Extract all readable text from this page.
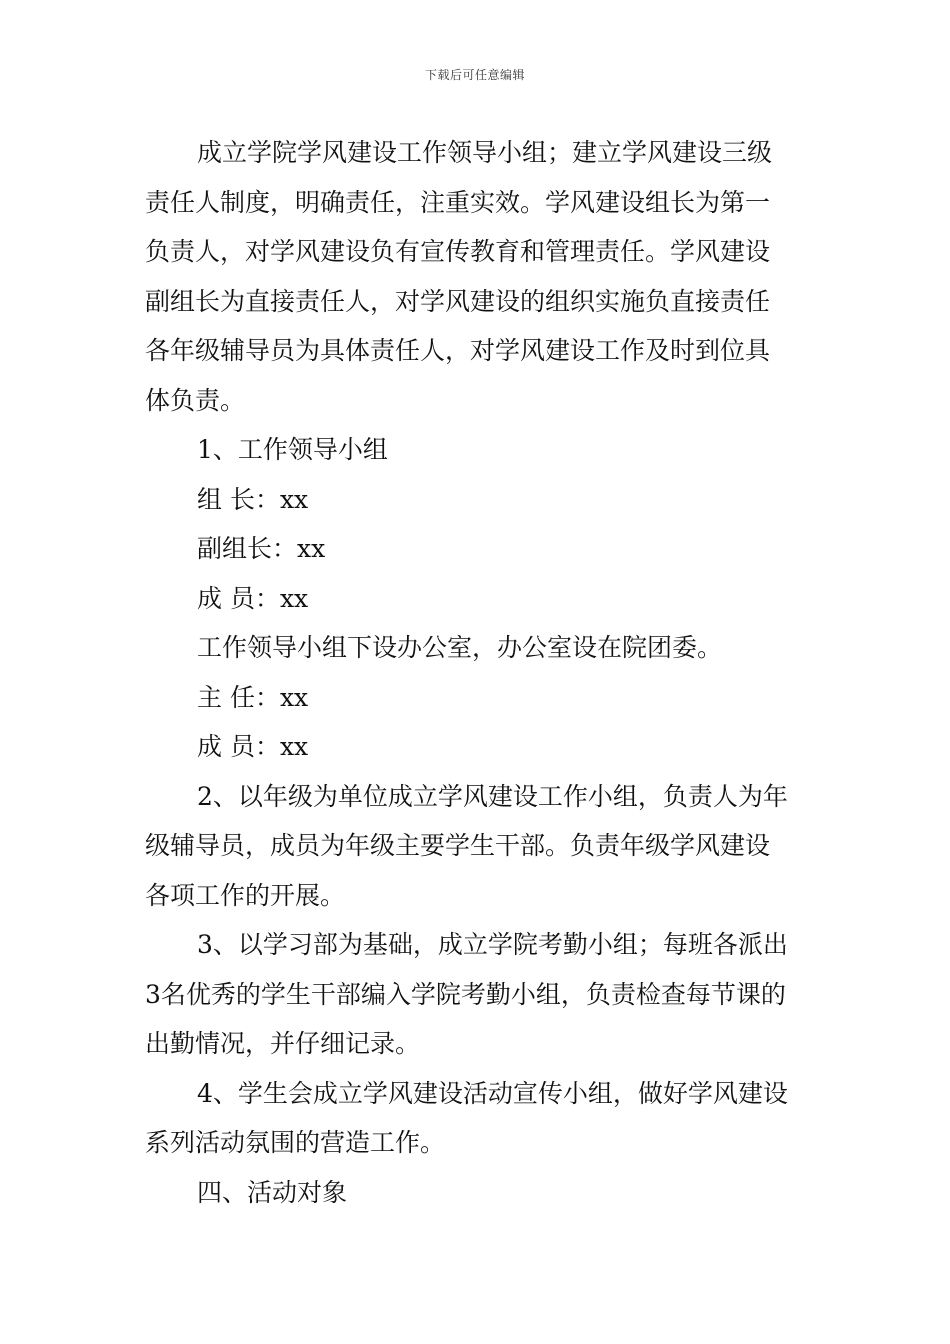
下载后可任意编辑
成立学院学风建设工作领导小组；建立学风建设三级
责任人制度，明确责任，注重实效。学风建设组长为第一
负责人，对学风建设负有宣传教育和管理责任。学风建设
副组长为直接责任人，对学风建设的组织实施负直接责任
各年级辅导员为具体责任人，对学风建设工作及时到位具
体负责。
1、工作领导小组
组 长：xx
副组长：xx
成 员：xx
工作领导小组下设办公室，办公室设在院团委。
主 任：xx
成 员：xx
2、以年级为单位成立学风建设工作小组，负责人为年
级辅导员，成员为年级主要学生干部。负责年级学风建设
各项工作的开展。
3、以学习部为基础，成立学院考勤小组；每班各派出
3名优秀的学生干部编入学院考勤小组，负责检查每节课的
出勤情况，并仔细记录。
4、学生会成立学风建设活动宣传小组，做好学风建设
系列活动氛围的营造工作。
四、活动对象
